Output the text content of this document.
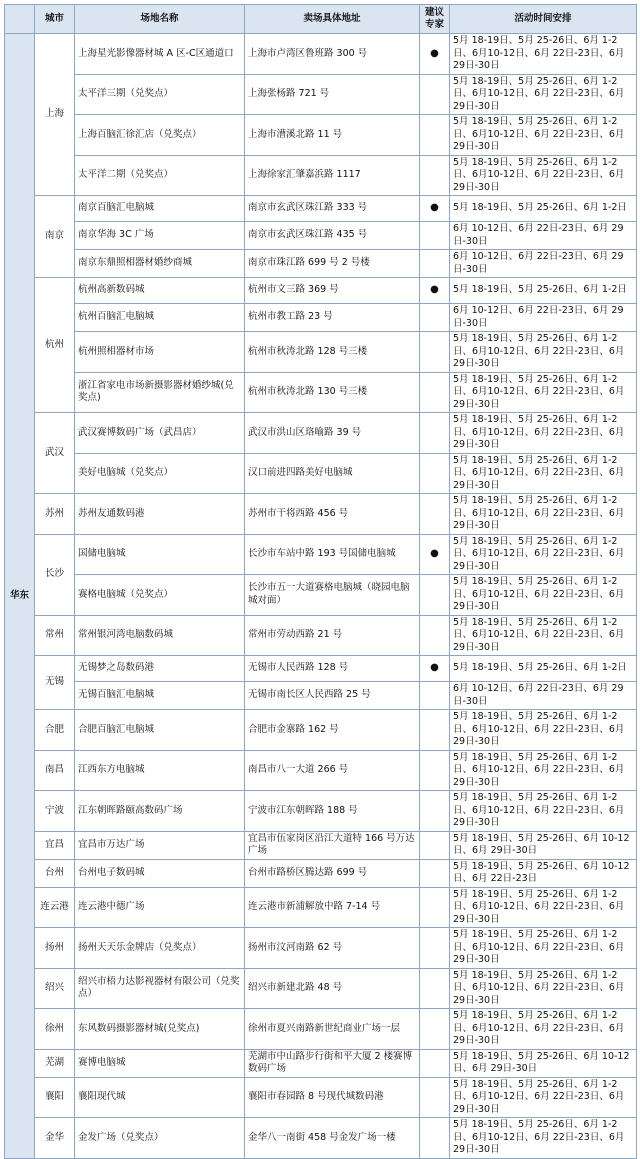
	城市	场地名称	卖场具体地址	建议专家	活动时间安排
华东	上海	上海星光影像器材城 A 区-C区通道口	上海市卢湾区鲁班路 300 号	●	5月 18-19日、5月 25-26日、6月 1-2日、6月10-12日、6月 22日-23日、6月 29日-30日
		太平洋三期（兑奖点）	上海张杨路 721 号		5月 18-19日、5月 25-26日、6月 1-2日、6月10-12日、6月 22日-23日、6月 29日-30日
		上海百脑汇徐汇店（兑奖点）	上海市漕溪北路 11 号		5月 18-19日、5月 25-26日、6月 1-2日、6月10-12日、6月 22日-23日、6月 29日-30日
		太平洋二期（兑奖点）	上海徐家汇肇嘉浜路 1117		5月 18-19日、5月 25-26日、6月 1-2日、6月10-12日、6月 22日-23日、6月 29日-30日
	南京	南京百脑汇电脑城	南京市玄武区珠江路 333 号	●	5月 18-19日、5月 25-26日、6月 1-2日
		南京华海 3C 广场	南京市玄武区珠江路 435 号		6月 10-12日、6月 22日-23日、6月 29日-30日
		南京东鼎照相器材婚纱商城	南京市珠江路 699 号 2 号楼		6月 10-12日、6月 22日-23日、6月 29日-30日
	杭州	杭州高新数码城	杭州市文三路 369 号	●	5月 18-19日、5月 25-26日、6月 1-2日
		杭州百脑汇电脑城	杭州市教工路 23 号		6月 10-12日、6月 22日-23日、6月 29日-30日
		杭州照相器材市场	杭州市秋涛北路 128 号三楼		5月 18-19日、5月 25-26日、6月 1-2日、6月10-12日、6月 22日-23日、6月 29日-30日
		浙江省家电市场新摄影器材婚纱城(兑奖点)	杭州市秋涛北路 130 号三楼		5月 18-19日、5月 25-26日、6月 1-2日、6月10-12日、6月 22日-23日、6月 29日-30日
	武汉	武汉赛博数码广场（武昌店）	武汉市洪山区珞喻路 39 号		5月 18-19日、5月 25-26日、6月 1-2日、6月10-12日、6月 22日-23日、6月 29日-30日
		美好电脑城（兑奖点）	汉口前进四路美好电脑城		5月 18-19日、5月 25-26日、6月 1-2日、6月10-12日、6月 22日-23日、6月 29日-30日
	苏州	苏州友通数码港	苏州市干将西路 456 号		5月 18-19日、5月 25-26日、6月 1-2日、6月10-12日、6月 22日-23日、6月 29日-30日
	长沙	国储电脑城	长沙市车站中路 193 号国储电脑城	●	5月 18-19日、5月 25-26日、6月 1-2日、6月10-12日、6月 22日-23日、6月 29日-30日
		赛格电脑城（兑奖点）	长沙市五一大道赛格电脑城（晓园电脑城对面）		5月 18-19日、5月 25-26日、6月 1-2日、6月10-12日、6月 22日-23日、6月 29日-30日
	常州	常州银河湾电脑数码城	常州市劳动西路 21 号		5月 18-19日、5月 25-26日、6月 1-2日、6月10-12日、6月 22日-23日、6月 29日-30日
	无锡	无锡梦之岛数码港	无锡市人民西路 128 号	●	5月 18-19日、5月 25-26日、6月 1-2日
		无锡百脑汇电脑城	无锡市南长区人民西路 25 号		6月 10-12日、6月 22日-23日、6月 29日-30日
	合肥	合肥百脑汇电脑城	合肥市金寨路 162 号		5月 18-19日、5月 25-26日、6月 1-2日、6月10-12日、6月 22日-23日、6月 29日-30日
	南昌	江西东方电脑城	南昌市八一大道 266 号		5月 18-19日、5月 25-26日、6月 1-2日、6月10-12日、6月 22日-23日、6月 29日-30日
	宁波	江东朝晖路颐高数码广场	宁波市江东朝晖路 188 号		5月 18-19日、5月 25-26日、6月 1-2日、6月10-12日、6月 22日-23日、6月 29日-30日
	宜昌	宜昌市万达广场	宜昌市伍家岗区沿江大道特 166 号万达广场		5月 18-19日、5月 25-26日、6月 10-12日、6月 29日-30日
	台州	台州电子数码城	台州市路桥区腾达路 699 号		5月 18-19日、5月 25-26日、6月 10-12日、6月 22日-23日
	连云港	连云港中德广场	连云港市新浦解放中路 7-14 号		5月 18-19日、5月 25-26日、6月 1-2日、6月10-12日、6月 22日-23日、6月 29日-30日
	扬州	扬州天天乐金牌店（兑奖点）	扬州市汶河南路 62 号		5月 18-19日、5月 25-26日、6月 1-2日、6月10-12日、6月 22日-23日、6月 29日-30日
	绍兴	绍兴市梧力达影视器材有限公司（兑奖点）	绍兴市新建北路 48 号		5月 18-19日、5月 25-26日、6月 1-2日、6月10-12日、6月 22日-23日、6月 29日-30日
	徐州	东风数码摄影器材城(兑奖点)	徐州市夏兴南路新世纪商业广场一层		5月 18-19日、5月 25-26日、6月 1-2日、6月10-12日、6月 22日-23日、6月 29日-30日
	芜湖	赛博电脑城	芜湖市中山路步行街和平大厦 2 楼赛博数码广场		5月 18-19日、5月 25-26日、6月 10-12日、6月 29日-30日
	襄阳	襄阳现代城	襄阳市春园路 8 号现代城数码港		5月 18-19日、5月 25-26日、6月 1-2日、6月10-12日、6月 22日-23日、6月 29日-30日
	金华	金发广场（兑奖点）	金华八一南街 458 号金发广场一楼		5月 18-19日、5月 25-26日、6月 1-2日、6月10-12日、6月 22日-23日、6月 29日-30日
